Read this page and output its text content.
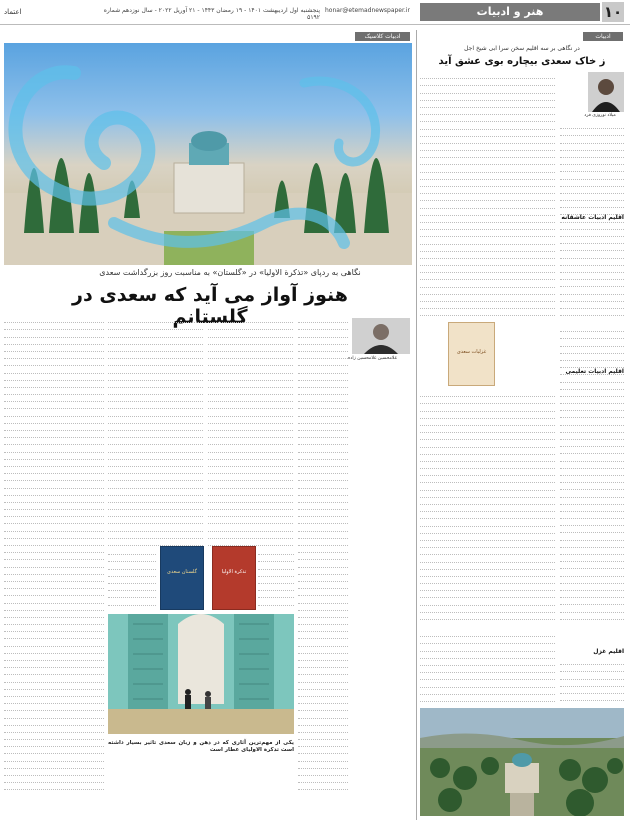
۱۰
هنر و ادبیات
honar@etemadnewspaper.ir
پنجشنبه اول اردیبهشت ۱۴۰۱ - ۱۹ رمضان ۱۴۴۳ - ۲۱ آوریل ۲۰۲۲ - سال نوزدهم شماره ۵۱۹۲
اعتماد
ادبیات کلاسیک	ادبیات
نگاهی به ردپای «تذکرة الاولیا» در «گلستان» به مناسبت روز بزرگداشت سعدی
هنوز آواز می آید که سعدی در گلستانم
غلامحسین غلامحسین زاده
گلستان سعدی	تذکرة الاولیا
یکی از مهم‌ترین آثاری که در ذهن و زبان سعدی تاثیر بسیار داشته است تذکرة الاولیای عطار است
در نگاهی بر سه اقلیم سخن سرا ابی شیخ اجل
ز خاک سعدی بیچاره بوی عشق آید
میلاد نوروزی فرد
اقلیم ادبیات عاشقانه
غزلیات سعدی
اقلیم ادبیات تعلیمی
اقلیم غزل
